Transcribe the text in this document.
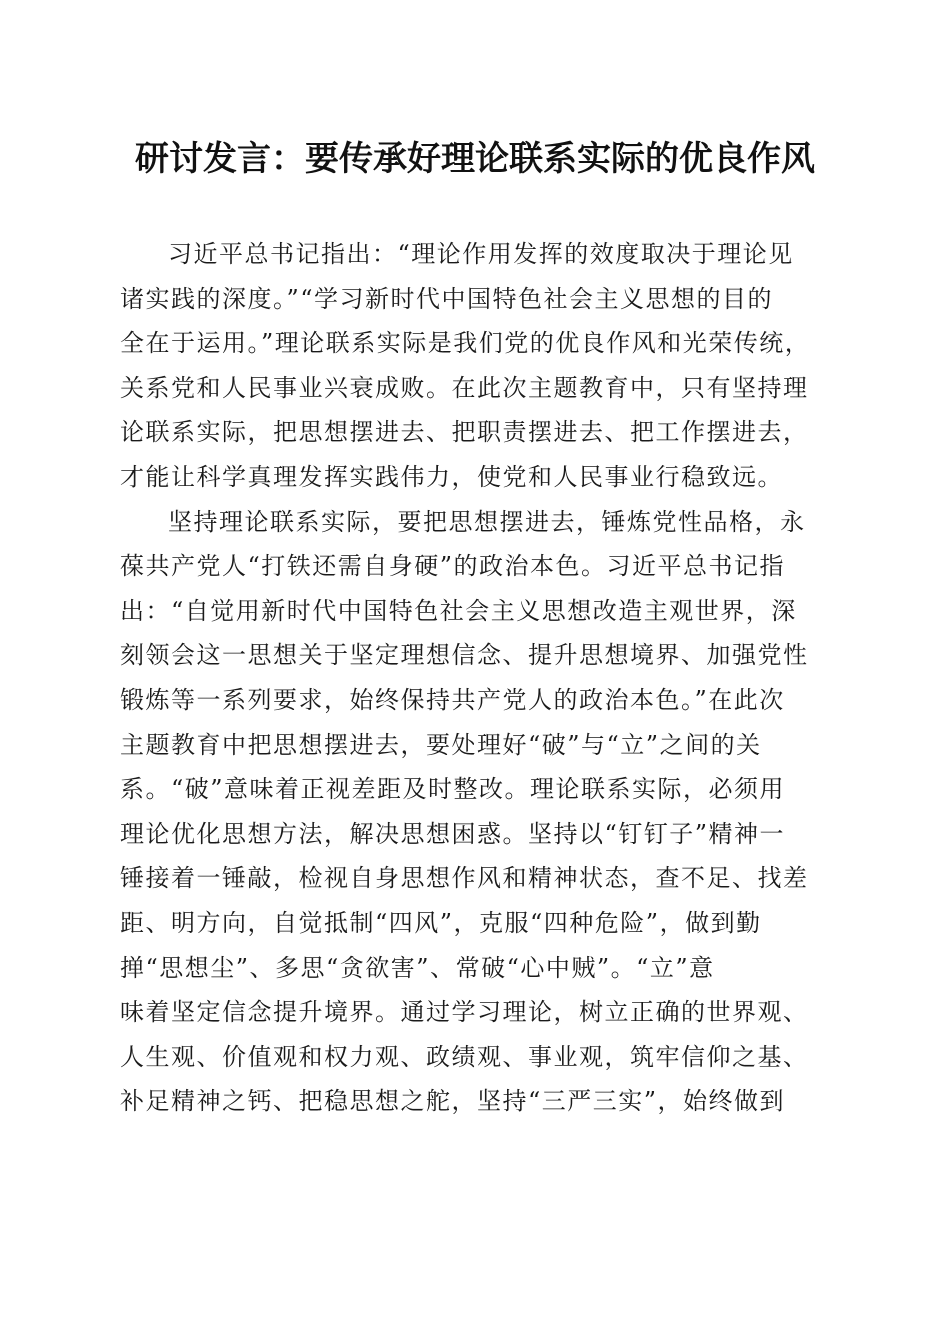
研讨发言：要传承好理论联系实际的优良作风

习近平总书记指出：“理论作用发挥的效度取决于理论见
诸实践的深度。”“学习新时代中国特色社会主义思想的目的
全在于运用。”理论联系实际是我们党的优良作风和光荣传统，
关系党和人民事业兴衰成败。在此次主题教育中，只有坚持理
论联系实际，把思想摆进去、把职责摆进去、把工作摆进去，
才能让科学真理发挥实践伟力，使党和人民事业行稳致远。

坚持理论联系实际，要把思想摆进去，锤炼党性品格，永
葆共产党人“打铁还需自身硬”的政治本色。习近平总书记指
出：“自觉用新时代中国特色社会主义思想改造主观世界，深
刻领会这一思想关于坚定理想信念、提升思想境界、加强党性
锻炼等一系列要求，始终保持共产党人的政治本色。”在此次
主题教育中把思想摆进去，要处理好“破”与“立”之间的关
系。“破”意味着正视差距及时整改。理论联系实际，必须用
理论优化思想方法，解决思想困惑。坚持以“钉钉子”精神一
锤接着一锤敲，检视自身思想作风和精神状态，查不足、找差
距、明方向，自觉抵制“四风”，克服“四种危险”，做到勤
掸“思想尘”、多思“贪欲害”、常破“心中贼”。“立”意
味着坚定信念提升境界。通过学习理论，树立正确的世界观、
人生观、价值观和权力观、政绩观、事业观，筑牢信仰之基、
补足精神之钙、把稳思想之舵，坚持“三严三实”，始终做到
